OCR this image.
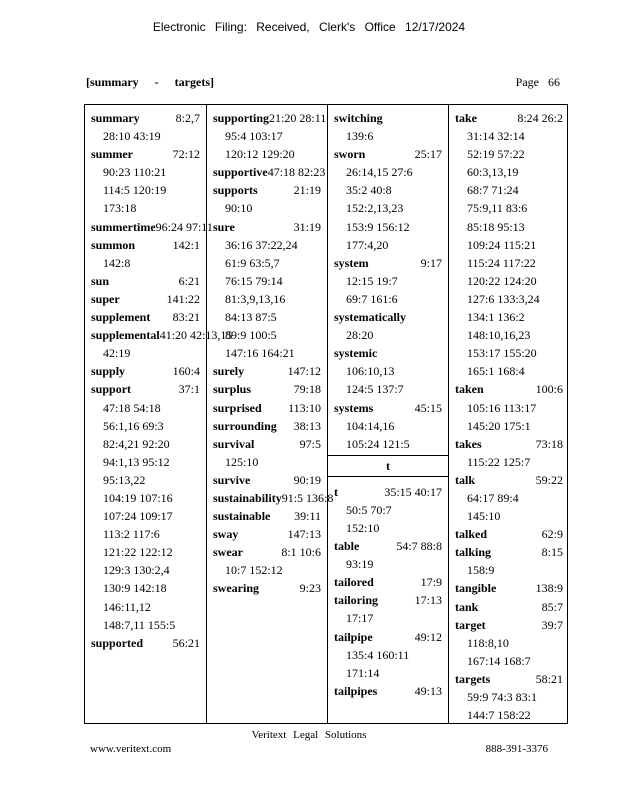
Electronic Filing: Received, Clerk's Office 12/17/2024
[summary - targets]	Page 66
summary	8:2,7
28:10 43:19
summer	72:12
90:23 110:21
114:5 120:19
173:18
summertime 96:24 97:11
summon	142:1
142:8
sun	6:21
super	141:22
supplement 83:21
supplemental 41:20 42:13,15
42:19
supply	160:4
support	37:1
47:18 54:18
56:1,16 69:3
82:4,21 92:20
94:1,13 95:12
95:13,22
104:19 107:16
107:24 109:17
113:2 117:6
121:22 122:12
129:3 130:2,4
130:9 142:18
146:11,12
148:7,11 155:5
supported 56:21
supporting 21:20 28:11
95:4 103:17
120:12 129:20
supportive 47:18 82:23
supports	21:19
90:10
sure	31:19
36:16 37:22,24
61:9 63:5,7
76:15 79:14
81:3,9,13,16
84:13 87:5
89:9 100:5
147:16 164:21
surely	147:12
surplus	79:18
surprised 113:10
surrounding 38:13
survival	97:5
125:10
survive	90:19
sustainability 91:5 136:8
sustainable 39:11
sway	147:13
swear	8:1 10:6
10:7 152:12
swearing	9:23
switching
139:6
sworn	25:17
26:14,15 27:6
35:2 40:8
152:2,13,23
153:9 156:12
177:4,20
system	9:17
12:15 19:7
69:7 161:6
systematically
28:20
systemic
106:10,13
124:5 137:7
systems	45:15
104:14,16
105:24 121:5
t
t	35:15 40:17
50:5 70:7
152:10
table	54:7 88:8
93:19
tailored	17:9
tailoring	17:13
17:17
tailpipe	49:12
135:4 160:11
171:14
tailpipes	49:13
take	8:24 26:2
31:14 32:14
52:19 57:22
60:3,13,19
68:7 71:24
75:9,11 83:6
85:18 95:13
109:24 115:21
115:24 117:22
120:22 124:20
127:6 133:3,24
134:1 136:2
148:10,16,23
153:17 155:20
165:1 168:4
taken	100:6
105:16 113:17
145:20 175:1
takes	73:18
115:22 125:7
talk	59:22
64:17 89:4
145:10
talked	62:9
talking	8:15
158:9
tangible	138:9
tank	85:7
target	39:7
118:8,10
167:14 168:7
targets	58:21
59:9 74:3 83:1
144:7 158:22
Veritext Legal Solutions
www.veritext.com	888-391-3376
